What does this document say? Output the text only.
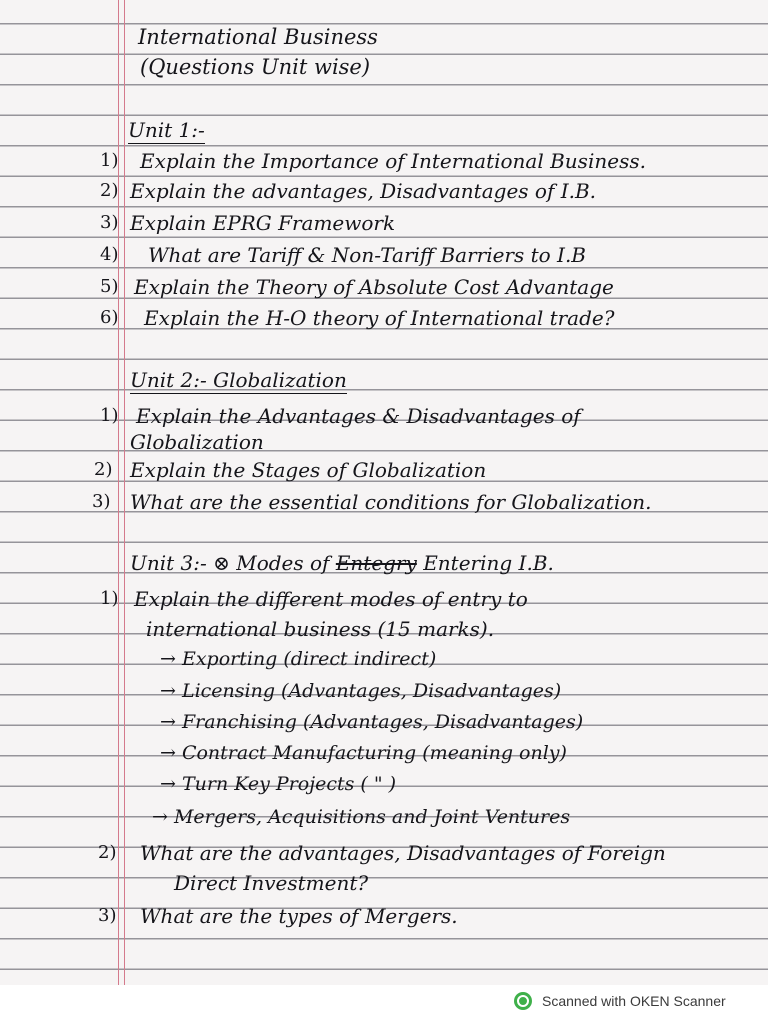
International Business
(Questions Unit wise)
Unit 1:-
1) Explain the Importance of International Business.
2) Explain the advantages, Disadvantages of I.B.
3) Explain EPRG Framework
4) What are Tariff & Non-Tariff Barriers to I.B
5) Explain the Theory of Absolute Cost Advantage
6) Explain the H-O theory of International trade?
Unit 2:- Globalization
1) Explain the Advantages & Disadvantages of
Globalization
2) Explain the Stages of Globalization
3) What are the essential conditions for Globalization.
Unit 3:- ⊗ Modes of Entegry Entering I.B.
1) Explain the different modes of entry to
international business (15 marks).
→ Exporting (direct indirect)
→ Licensing (Advantages, Disadvantages)
→ Franchising (Advantages, Disadvantages)
→ Contract Manufacturing (meaning only)
→ Turn Key Projects ( " )
→ Mergers, Acquisitions and Joint Ventures
2) What are the advantages, Disadvantages of Foreign
Direct Investment?
3) What are the types of Mergers.
Scanned with OKEN Scanner
